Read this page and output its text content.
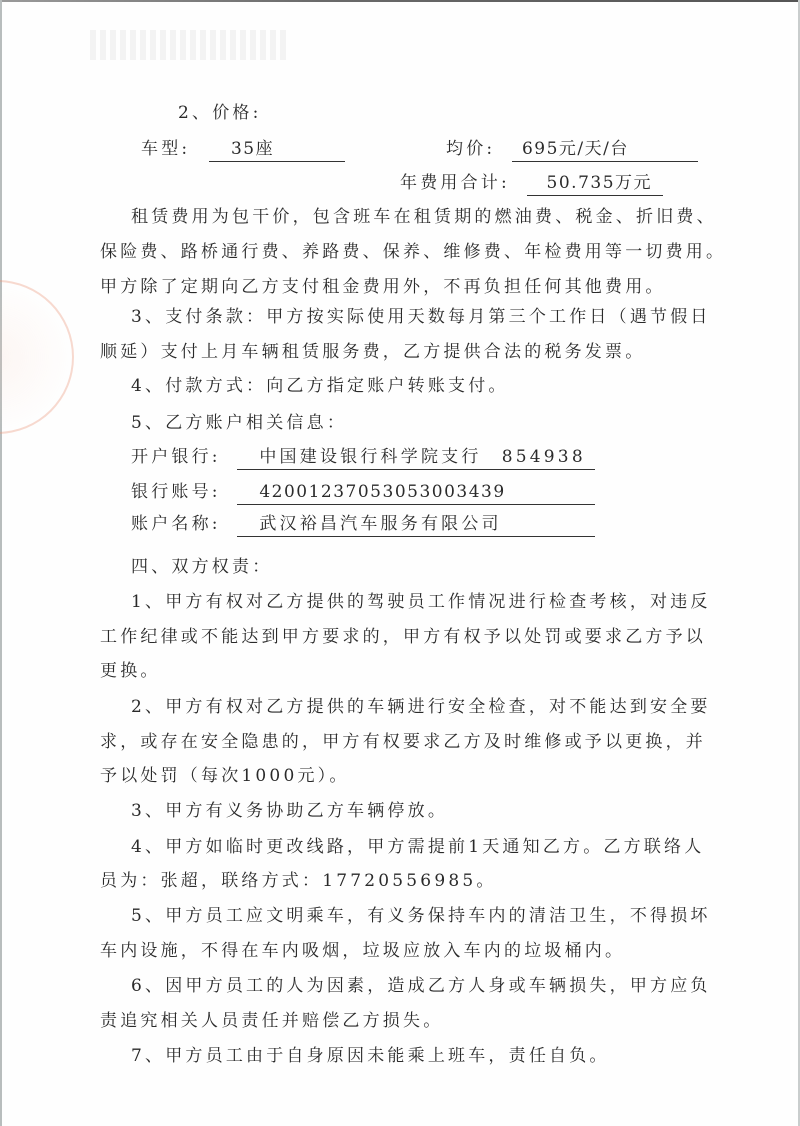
2、价格:
车型: 35座	均价: 695元/天/台
年费用合计: 50.735万元
租赁费用为包干价，包含班车在租赁期的燃油费、税金、折旧费、
保险费、路桥通行费、养路费、保养、维修费、年检费用等一切费用。
甲方除了定期向乙方支付租金费用外，不再负担任何其他费用。
3、支付条款：甲方按实际使用天数每月第三个工作日（遇节假日
顺延）支付上月车辆租赁服务费，乙方提供合法的税务发票。
4、付款方式：向乙方指定账户转账支付。
5、乙方账户相关信息：
开户银行: 中国建设银行科学院支行　854938
银行账号: 42001237053053003439
账户名称: 武汉裕昌汽车服务有限公司
四、双方权责：
1、甲方有权对乙方提供的驾驶员工作情况进行检查考核，对违反
工作纪律或不能达到甲方要求的，甲方有权予以处罚或要求乙方予以
更换。
2、甲方有权对乙方提供的车辆进行安全检查，对不能达到安全要
求，或存在安全隐患的，甲方有权要求乙方及时维修或予以更换，并
予以处罚（每次1000元）。
3、甲方有义务协助乙方车辆停放。
4、甲方如临时更改线路，甲方需提前1天通知乙方。乙方联络人
员为：张超，联络方式：17720556985。
5、甲方员工应文明乘车，有义务保持车内的清洁卫生，不得损坏
车内设施，不得在车内吸烟，垃圾应放入车内的垃圾桶内。
6、因甲方员工的人为因素，造成乙方人身或车辆损失，甲方应负
责追究相关人员责任并赔偿乙方损失。
7、甲方员工由于自身原因未能乘上班车，责任自负。
